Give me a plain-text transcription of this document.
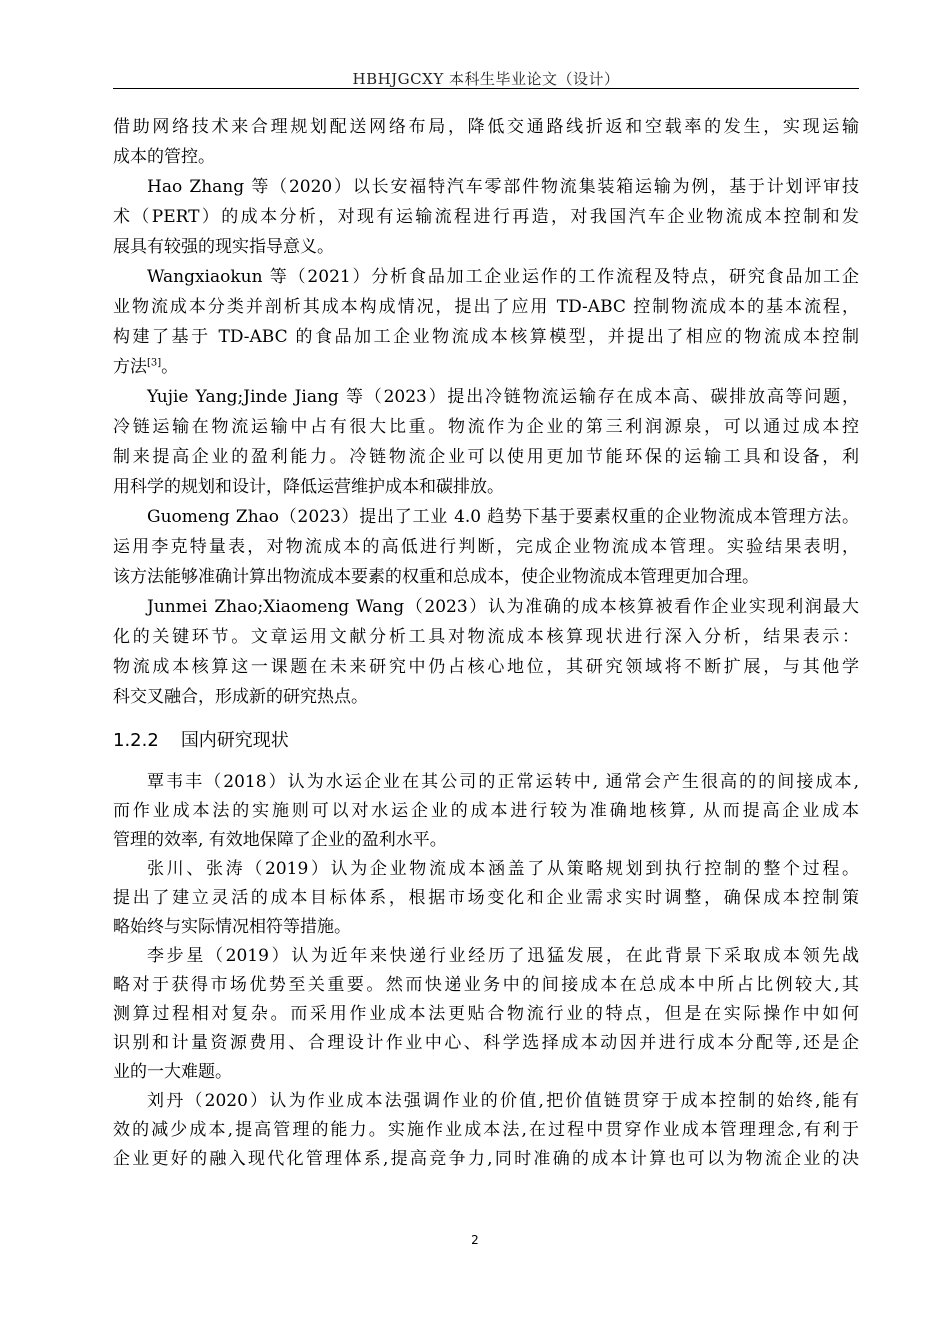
HBHJGCXY 本科生毕业论文（设计）
借助网络技术来合理规划配送网络布局，降低交通路线折返和空载率的发生，实现运输
成本的管控。
Hao Zhang 等（2020）以长安福特汽车零部件物流集装箱运输为例，基于计划评审技
术（PERT）的成本分析，对现有运输流程进行再造，对我国汽车企业物流成本控制和发
展具有较强的现实指导意义。
Wangxiaokun 等（2021）分析食品加工企业运作的工作流程及特点，研究食品加工企
业物流成本分类并剖析其成本构成情况，提出了应用 TD-ABC 控制物流成本的基本流程，
构建了基于 TD-ABC 的食品加工企业物流成本核算模型，并提出了相应的物流成本控制
方法[3]。
Yujie Yang;Jinde Jiang 等（2023）提出冷链物流运输存在成本高、碳排放高等问题，
冷链运输在物流运输中占有很大比重。物流作为企业的第三利润源泉，可以通过成本控
制来提高企业的盈利能力。冷链物流企业可以使用更加节能环保的运输工具和设备，利
用科学的规划和设计，降低运营维护成本和碳排放。
Guomeng Zhao（2023）提出了工业 4.0 趋势下基于要素权重的企业物流成本管理方法。
运用李克特量表，对物流成本的高低进行判断，完成企业物流成本管理。实验结果表明，
该方法能够准确计算出物流成本要素的权重和总成本，使企业物流成本管理更加合理。
Junmei Zhao;Xiaomeng Wang（2023）认为准确的成本核算被看作企业实现利润最大
化的关键环节。文章运用文献分析工具对物流成本核算现状进行深入分析，结果表示：
物流成本核算这一课题在未来研究中仍占核心地位，其研究领域将不断扩展，与其他学
科交叉融合，形成新的研究热点。
1.2.2 国内研究现状
覃韦丰（2018）认为水运企业在其公司的正常运转中, 通常会产生很高的的间接成本,
而作业成本法的实施则可以对水运企业的成本进行较为准确地核算, 从而提高企业成本
管理的效率, 有效地保障了企业的盈利水平。
张川、张涛（2019）认为企业物流成本涵盖了从策略规划到执行控制的整个过程。
提出了建立灵活的成本目标体系，根据市场变化和企业需求实时调整，确保成本控制策
略始终与实际情况相符等措施。
李步星（2019）认为近年来快递行业经历了迅猛发展，在此背景下采取成本领先战
略对于获得市场优势至关重要。然而快递业务中的间接成本在总成本中所占比例较大,其
测算过程相对复杂。而采用作业成本法更贴合物流行业的特点，但是在实际操作中如何
识别和计量资源费用、合理设计作业中心、科学选择成本动因并进行成本分配等,还是企
业的一大难题。
刘丹（2020）认为作业成本法强调作业的价值,把价值链贯穿于成本控制的始终,能有
效的减少成本,提高管理的能力。实施作业成本法,在过程中贯穿作业成本管理理念,有利于
企业更好的融入现代化管理体系,提高竞争力,同时准确的成本计算也可以为物流企业的决
2
